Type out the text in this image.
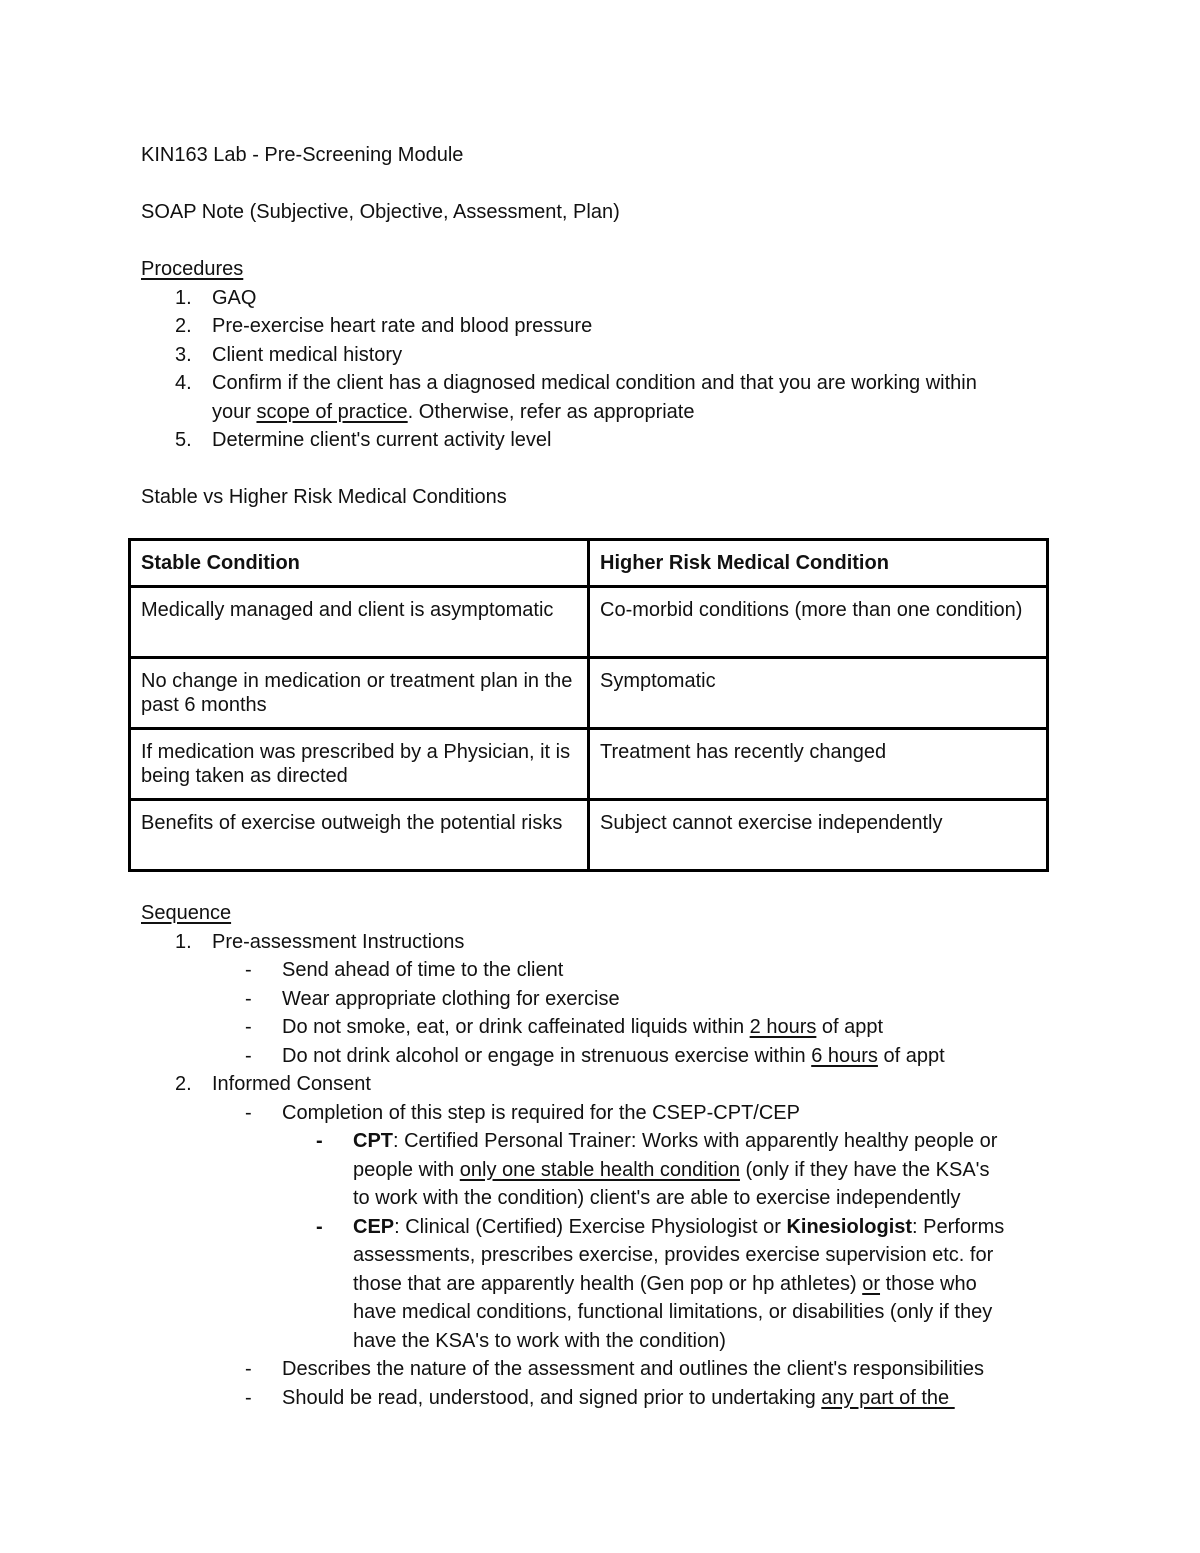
KIN163 Lab - Pre-Screening Module
SOAP Note (Subjective, Objective, Assessment, Plan)
Procedures
1. GAQ
2. Pre-exercise heart rate and blood pressure
3. Client medical history
4. Confirm if the client has a diagnosed medical condition and that you are working within
your scope of practice. Otherwise, refer as appropriate
5. Determine client's current activity level
Stable vs Higher Risk Medical Conditions
Stable Condition	Higher Risk Medical Condition
Medically managed and client is asymptomatic	Co-morbid conditions (more than one condition)
No change in medication or treatment plan in the past 6 months	Symptomatic
If medication was prescribed by a Physician, it is being taken as directed	Treatment has recently changed
Benefits of exercise outweigh the potential risks	Subject cannot exercise independently
Sequence
1. Pre-assessment Instructions
- Send ahead of time to the client
- Wear appropriate clothing for exercise
- Do not smoke, eat, or drink caffeinated liquids within 2 hours of appt
- Do not drink alcohol or engage in strenuous exercise within 6 hours of appt
2. Informed Consent
- Completion of this step is required for the CSEP-CPT/CEP
- CPT: Certified Personal Trainer: Works with apparently healthy people or
people with only one stable health condition (only if they have the KSA's
to work with the condition) client's are able to exercise independently
- CEP: Clinical (Certified) Exercise Physiologist or Kinesiologist: Performs
assessments, prescribes exercise, provides exercise supervision etc. for
those that are apparently health (Gen pop or hp athletes) or those who
have medical conditions, functional limitations, or disabilities (only if they
have the KSA's to work with the condition)
- Describes the nature of the assessment and outlines the client's responsibilities
- Should be read, understood, and signed prior to undertaking any part of the
